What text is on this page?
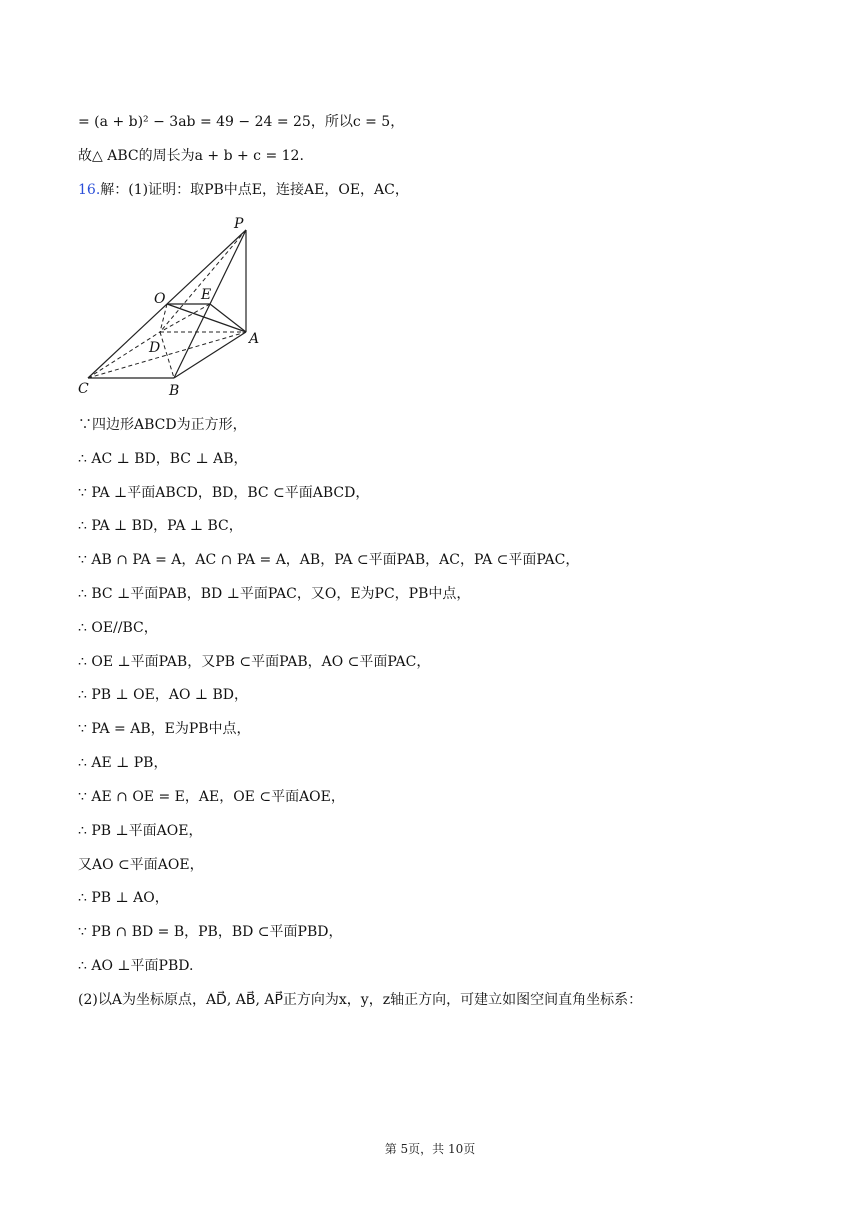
= (a + b)² − 3ab = 49 − 24 = 25，所以c = 5，
故△ ABC的周长为a + b + c = 12.
16.解：(1)证明：取PB中点E，连接AE，OE，AC，
P
O	E
D
A
C	B
∵四边形ABCD为正方形，
∴ AC ⊥ BD，BC ⊥ AB，
∵ PA ⊥平面ABCD，BD，BC ⊂平面ABCD，
∴ PA ⊥ BD，PA ⊥ BC，
∵ AB ∩ PA = A，AC ∩ PA = A，AB，PA ⊂平面PAB，AC，PA ⊂平面PAC，
∴ BC ⊥平面PAB，BD ⊥平面PAC，又O，E为PC，PB中点，
∴ OE//BC，
∴ OE ⊥平面PAB，又PB ⊂平面PAB，AO ⊂平面PAC，
∴ PB ⊥ OE，AO ⊥ BD，
∵ PA = AB，E为PB中点，
∴ AE ⊥ PB，
∵ AE ∩ OE = E，AE，OE ⊂平面AOE，
∴ PB ⊥平面AOE，
又AO ⊂平面AOE，
∴ PB ⊥ AO，
∵ PB ∩ BD = B，PB，BD ⊂平面PBD，
∴ AO ⊥平面PBD.
(2)以A为坐标原点，AD⃗, AB⃗, AP⃗正方向为x，y，z轴正方向，可建立如图空间直角坐标系：
第 5页，共 10页
